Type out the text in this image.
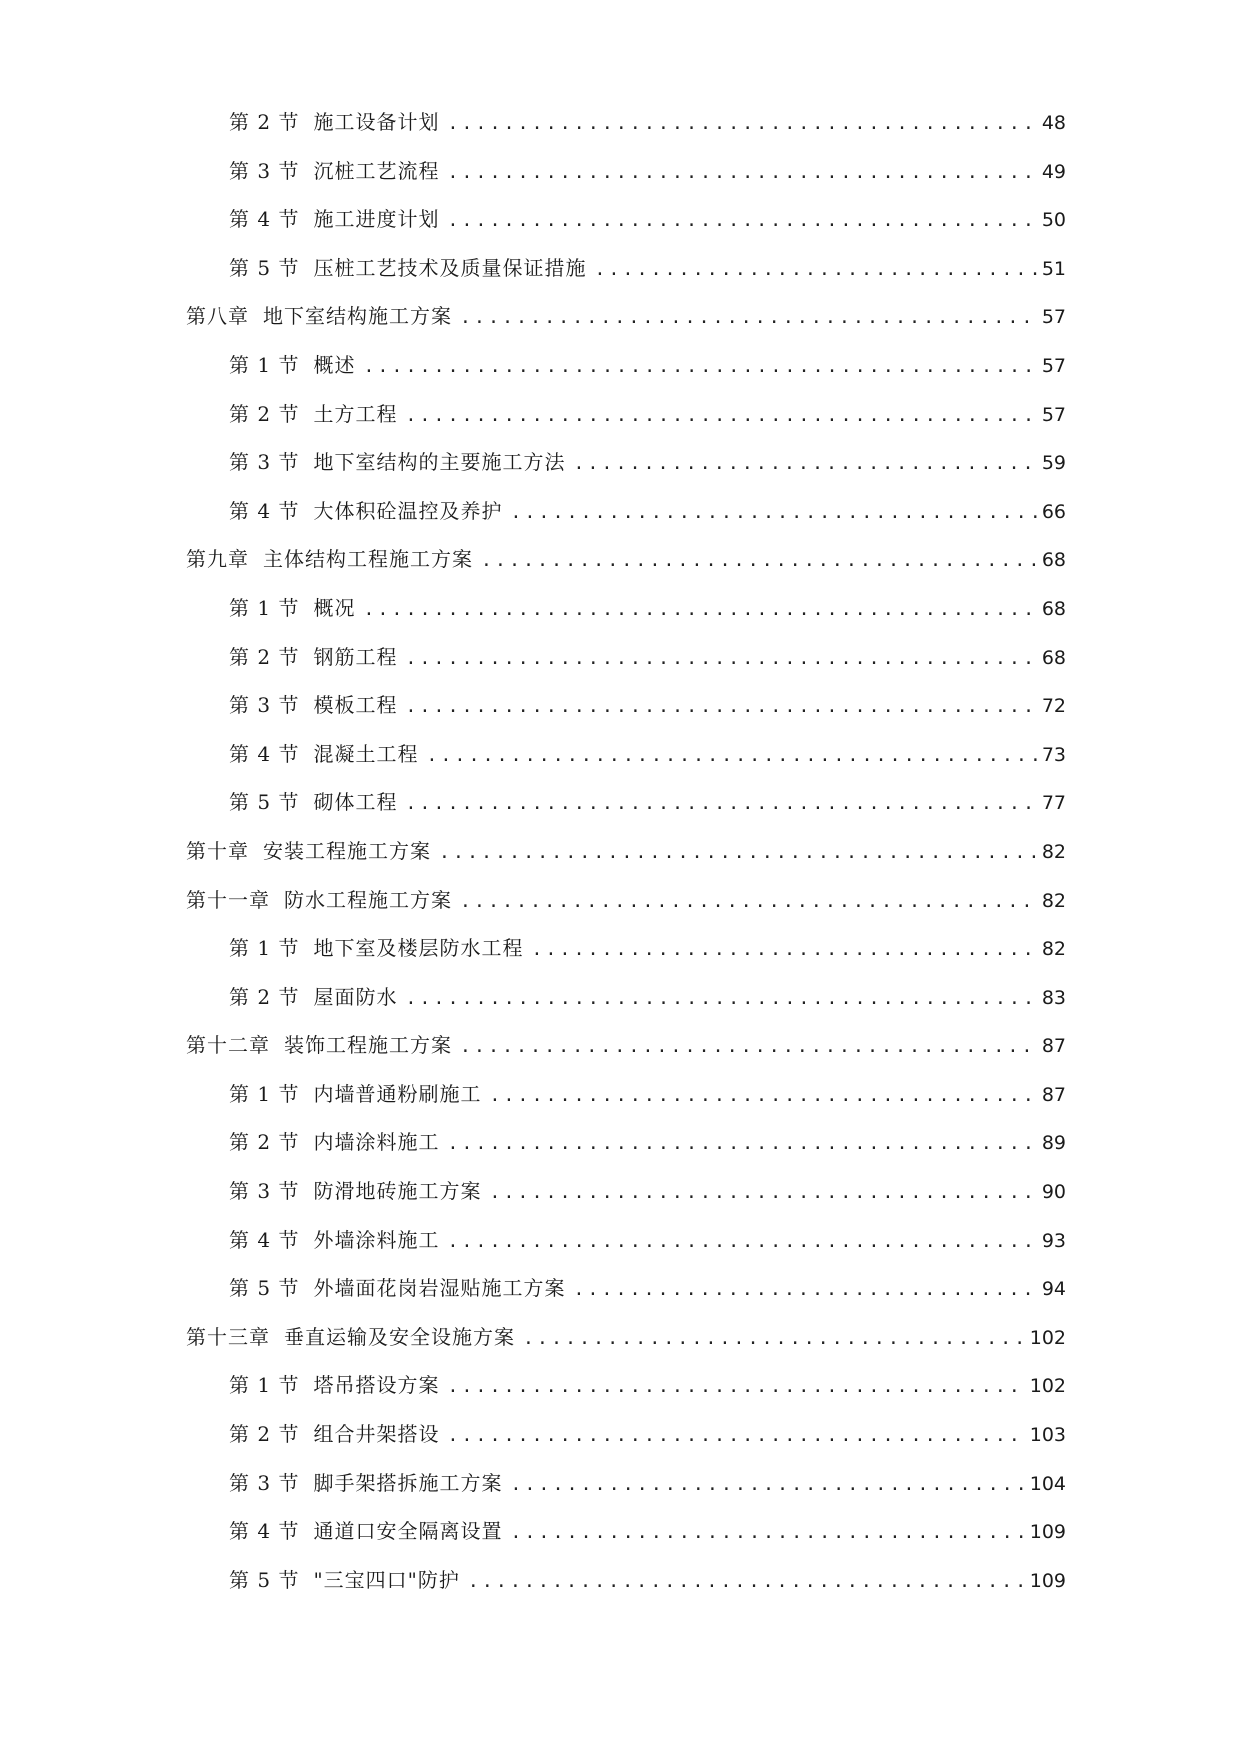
第 2 节 施工设备计划 .....	48
第 3 节 沉桩工艺流程 .....	49
第 4 节 施工进度计划 .....	50
第 5 节 压桩工艺技术及质量保证措施 .....	51
第八章 地下室结构施工方案 .....	57
第 1 节 概述 .....	57
第 2 节 土方工程 .....	57
第 3 节 地下室结构的主要施工方法 .....	59
第 4 节 大体积砼温控及养护 .....	66
第九章 主体结构工程施工方案 .....	68
第 1 节 概况 .....	68
第 2 节 钢筋工程 .....	68
第 3 节 模板工程 .....	72
第 4 节 混凝土工程 .....	73
第 5 节 砌体工程 .....	77
第十章 安装工程施工方案 .....	82
第十一章 防水工程施工方案 .....	82
第 1 节 地下室及楼层防水工程 .....	82
第 2 节 屋面防水 .....	83
第十二章 装饰工程施工方案 .....	87
第 1 节 内墙普通粉刷施工 .....	87
第 2 节 内墙涂料施工 .....	89
第 3 节 防滑地砖施工方案 .....	90
第 4 节 外墙涂料施工 .....	93
第 5 节 外墙面花岗岩湿贴施工方案 .....	94
第十三章 垂直运输及安全设施方案 .....	102
第 1 节 塔吊搭设方案 .....	102
第 2 节 组合井架搭设 .....	103
第 3 节 脚手架搭拆施工方案 .....	104
第 4 节 通道口安全隔离设置 .....	109
第 5 节 "三宝四口"防护 .....	109
